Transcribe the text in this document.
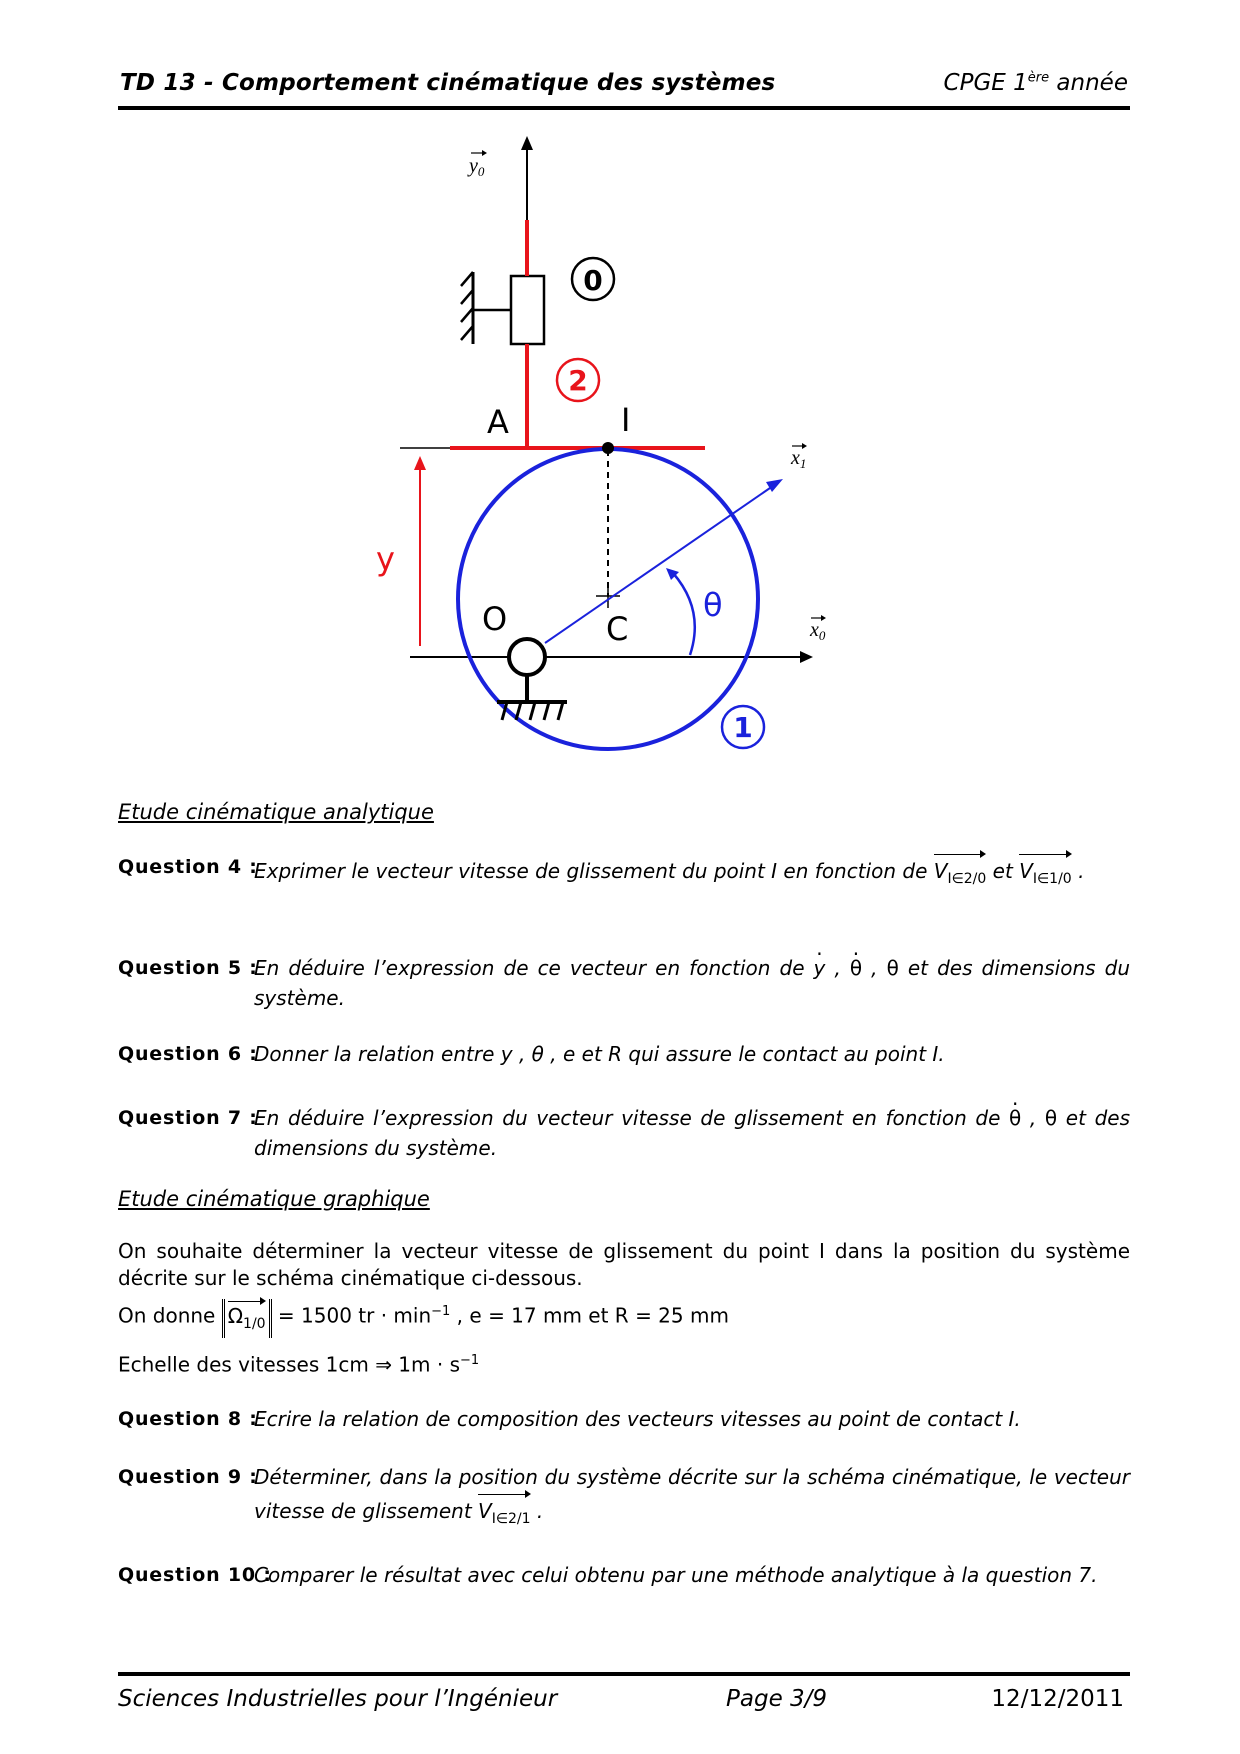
TD 13 - Comportement cinématique des systèmes	CPGE 1ère année
$y_0$
$x_0$
y
$x_1$
θ
A	I
O	C
0
2
1
Etude cinématique analytique
Question 4 :
Exprimer le vecteur vitesse de glissement du point I en fonction de $V_{I\in 2/0}$ et $V_{I\in 1/0}$ .
Question 5 :
En déduire l’expression de ce vecteur en fonction de · y , · θ , θ et des dimensions du système.
Question 6 :
Donner la relation entre y , θ , e et R qui assure le contact au point I.
Question 7 :
En déduire l’expression du vecteur vitesse de glissement en fonction de · θ , θ et des dimensions du système.
Etude cinématique graphique
On souhaite déterminer la vecteur vitesse de glissement du point I dans la position du système décrite sur le schéma cinématique ci-dessous.
On donne $\Omega_{1/0} = 1500$ tr · $\min^{-1}$ , e = 17 mm et R = 25 mm
Echelle des vitesses 1cm ⇒ $1m \cdot s^{-1}$
Question 8 :
Ecrire la relation de composition des vecteurs vitesses au point de contact I.
Question 9 :
Déterminer, dans la position du système décrite sur la schéma cinématique, le vecteur vitesse de glissement $V_{I\in 2/1}$ .
Question 10 :
Comparer le résultat avec celui obtenu par une méthode analytique à la question 7.
Sciences Industrielles pour l’Ingénieur	Page 3/9	12/12/2011
